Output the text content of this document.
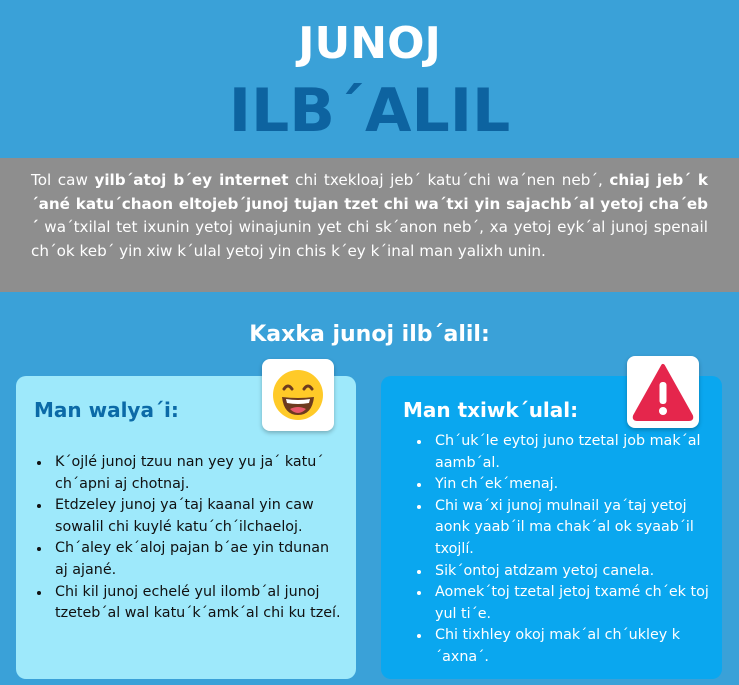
JUNOJ
ILB´ALIL
Tol caw yilb´atoj b´ey internet chi txekloaj jeb´ katu´chi wa´nen neb´, chiaj jeb´ k´ané katu´chaon eltojeb´junoj tujan tzet chi wa´txi yin sajachb´al yetoj cha´eb´ wa´txilal tet ixunin yetoj winajunin yet chi sk´anon neb´, xa yetoj eyk´al junoj spenail ch´ok keb´ yin xiw k´ulal yetoj yin chis k´ey k´inal man yalixh unin.
Kaxka junoj ilb´alil:
Man walya´i:
• K´ojlé junoj tzuu nan yey yu ja´ katu´ ch´apni aj chotnaj.
• Etdzeley junoj ya´taj kaanal yin caw sowalil chi kuylé katu´ch´ilchaeloj.
• Ch´aley ek´aloj pajan b´ae yin tdunan aj ajané.
• Chi kil junoj echelé yul ilomb´al junoj tzeteb´al wal katu´k´amk´al chi ku tzeí.
Man txiwk´ulal:
• Ch´uk´le eytoj juno tzetal job mak´al aamb´al.
• Yin ch´ek´menaj.
• Chi wa´xi junoj mulnail ya´taj yetoj aonk yaab´il ma chak´al ok syaab´il txojlí.
• Sik´ontoj atdzam yetoj canela.
• Aomek´toj tzetal jetoj txamé ch´ek toj yul ti´e.
• Chi tixhley okoj mak´al ch´ukley k´axna´.
